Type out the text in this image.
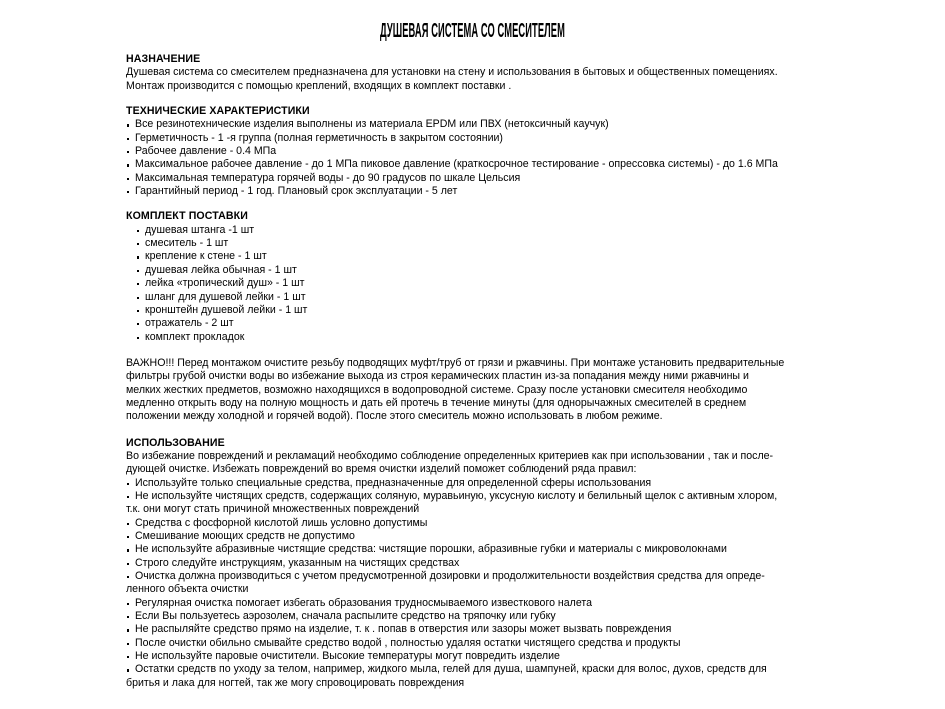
ДУШЕВАЯ СИСТЕМА СО СМЕСИТЕЛЕМ
НАЗНАЧЕНИЕ
Душевая система со смесителем предназначена для установки на стену и использования в бытовых и общественных помещениях.
Монтаж производится с помощью креплений, входящих в комплект поставки .
ТЕХНИЧЕСКИЕ ХАРАКТЕРИСТИКИ
Все резинотехнические изделия выполнены из материала EPDM или ПВХ (нетоксичный каучук)
Герметичность - 1 -я группа (полная герметичность в закрытом состоянии)
Рабочее давление - 0.4 МПа
Максимальное рабочее давление - до 1 МПа пиковое давление (краткосрочное тестирование - опрессовка системы) - до 1.6 МПа
Максимальная температура горячей воды - до 90 градусов по шкале Цельсия
Гарантийный период - 1 год. Плановый срок эксплуатации - 5 лет
КОМПЛЕКТ ПОСТАВКИ
душевая штанга -1 шт
смеситель - 1 шт
крепление к стене - 1 шт
душевая лейка обычная - 1 шт
лейка «тропический душ» - 1 шт
шланг для душевой лейки - 1 шт
кронштейн душевой лейки - 1 шт
отражатель - 2 шт
комплект прокладок
ВАЖНО!!! Перед монтажом очистите резьбу подводящих муфт/труб от грязи и ржавчины. При монтаже установить предварительные
фильтры грубой очистки воды во избежание выхода из строя керамических пластин из-за попадания между ними ржавчины и
мелких жестких предметов, возможно находящихся в водопроводной системе. Сразу после установки смесителя необходимо
медленно открыть воду на полную мощность и дать ей протечь в течение минуты (для однорычажных смесителей в среднем
положении между холодной и горячей водой). После этого смеситель можно использовать в любом режиме.
ИСПОЛЬЗОВАНИЕ
Во избежание повреждений и рекламаций необходимо соблюдение определенных критериев как при использовании , так и после-
дующей очистке. Избежать повреждений во время очистки изделий поможет соблюдений ряда правил:
Используйте только специальные средства, предназначенные для определенной сферы использования
Не используйте чистящих средств, содержащих соляную, муравьиную, уксусную кислоту и белильный щелок с активным хлором,
т.к. они могут стать причиной множественных повреждений
Средства с фосфорной кислотой лишь условно допустимы
Смешивание моющих средств не допустимо
Не используйте абразивные чистящие средства: чистящие порошки, абразивные губки и материалы с микроволокнами
Строго следуйте инструкциям, указанным на чистящих средствах
Очистка должна производиться с учетом предусмотренной дозировки и продолжительности воздействия средства для опреде-
ленного объекта очистки
Регулярная очистка помогает избегать образования трудносмываемого известкового налета
Если Вы пользуетесь аэрозолем, сначала распылите средство на тряпочку или губку
Не распыляйте средство прямо на изделие, т. к . попав в отверстия или зазоры может вызвать повреждения
После очистки обильно смывайте средство водой , полностью удаляя остатки чистящего средства и продукты
Не используйте паровые очистители. Высокие температуры могут повредить изделие
Остатки средств по уходу за телом, например, жидкого мыла, гелей для душа, шампуней, краски для волос, духов, средств для
бритья и лака для ногтей, так же могу спровоцировать повреждения
